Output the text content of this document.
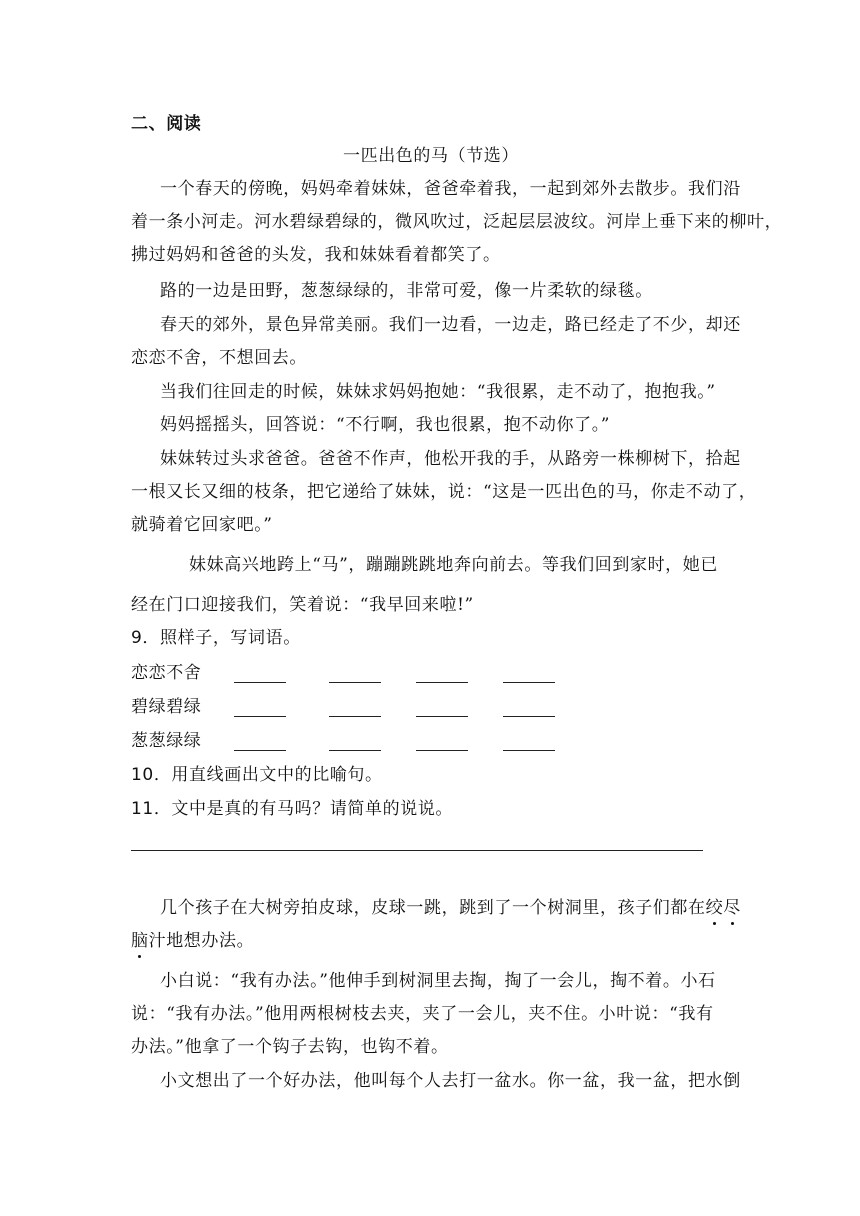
二、阅读
一匹出色的马（节选）
一个春天的傍晚，妈妈牵着妹妹，爸爸牵着我，一起到郊外去散步。我们沿
着一条小河走。河水碧绿碧绿的，微风吹过，泛起层层波纹。河岸上垂下来的柳叶，
拂过妈妈和爸爸的头发，我和妹妹看着都笑了。
路的一边是田野，葱葱绿绿的，非常可爱，像一片柔软的绿毯。
春天的郊外，景色异常美丽。我们一边看，一边走，路已经走了不少，却还
恋恋不舍，不想回去。
当我们往回走的时候，妹妹求妈妈抱她：“我很累，走不动了，抱抱我。”
妈妈摇摇头，回答说：“不行啊，我也很累，抱不动你了。”
妹妹转过头求爸爸。爸爸不作声，他松开我的手，从路旁一株柳树下，拾起
一根又长又细的枝条，把它递给了妹妹，说：“这是一匹出色的马，你走不动了，
就骑着它回家吧。”
妹妹高兴地跨上“马”，蹦蹦跳跳地奔向前去。等我们回到家时，她已
经在门口迎接我们，笑着说：“我早回来啦!”
9．照样子，写词语。
恋恋不舍
碧绿碧绿
葱葱绿绿
10．用直线画出文中的比喻句。
11．文中是真的有马吗？请简单的说说。
几个孩子在大树旁拍皮球，皮球一跳，跳到了一个树洞里，孩子们都在绞尽
脑汁地想办法。
小白说：“我有办法。”他伸手到树洞里去掏，掏了一会儿，掏不着。小石
说：“我有办法。”他用两根树枝去夹，夹了一会儿，夹不住。小叶说：“我有
办法。”他拿了一个钩子去钩，也钩不着。
小文想出了一个好办法，他叫每个人去打一盆水。你一盆，我一盆，把水倒
